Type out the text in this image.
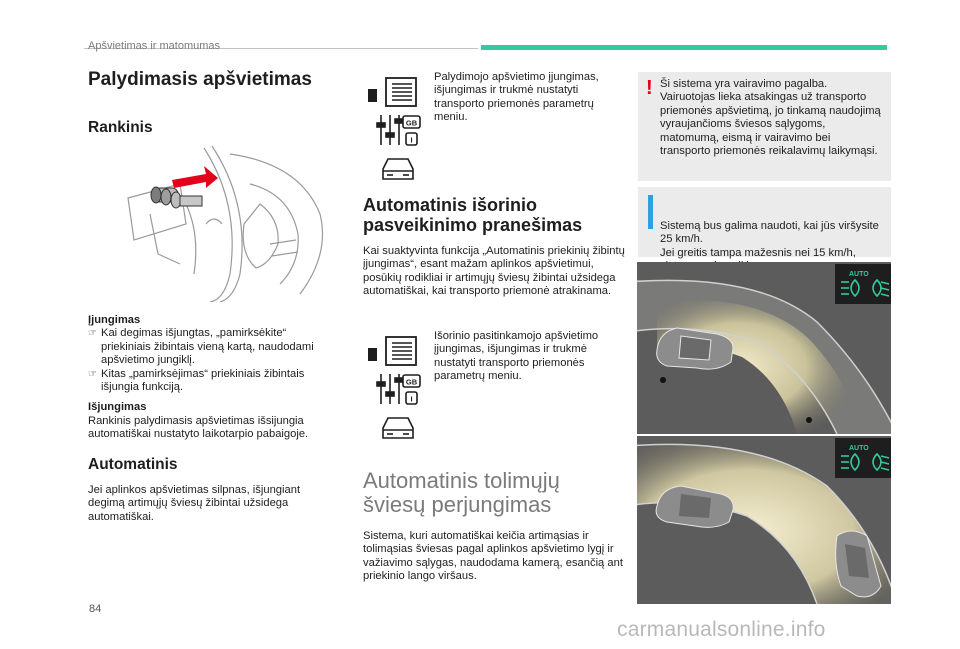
Apšvietimas ir matomumas
Palydimasis apšvietimas
Rankinis
Įjungimas
☞ Kai degimas išjungtas, „pamirksėkite“ priekiniais žibintais vieną kartą, naudodami apšvietimo jungiklį.
☞ Kitas „pamirksėjimas“ priekiniais žibintais išjungia funkciją.
Išjungimas
Rankinis palydimasis apšvietimas išsijungia automatiškai nustatyto laikotarpio pabaigoje.
Automatinis
Jei aplinkos apšvietimas silpnas, išjungiant degimą artimųjų šviesų žibintai užsidega automatiškai.
GB
I
Palydimojo apšvietimo įjungimas, išjungimas ir trukmė nustatyti transporto priemonės parametrų meniu.
Automatinis išorinio
pasveikinimo pranešimas
Kai suaktyvinta funkcija „Automatinis priekinių žibintų įjungimas“, esant mažam aplinkos apšvietimui, posūkių rodikliai ir artimųjų šviesų žibintai užsidega automatiškai, kai transporto priemonė atrakinama.
GB
I
Išorinio pasitinkamojo apšvietimo įjungimas, išjungimas ir trukmė nustatyti transporto priemonės parametrų meniu.
Automatinis tolimųjų
šviesų perjungimas
Sistema, kuri automatiškai keičia artimąsias ir tolimąsias šviesas pagal aplinkos apšvietimo lygį ir važiavimo sąlygas, naudodama kamerą, esančią ant priekinio lango viršaus.
! Ši sistema yra vairavimo pagalba. Vairuotojas lieka atsakingas už transporto priemonės apšvietimą, jo tinkamą naudojimą vyraujančioms šviesos sąlygoms, matomumą, eismą ir vairavimo bei transporto priemonės reikalavimų laikymąsi.

Sistemą bus galima naudoti, kai jūs viršysite 25 km/h.
Jei greitis tampa mažesnis nei 15 km/h,

AUTO
AUTO
84
carmanualsonline.info
